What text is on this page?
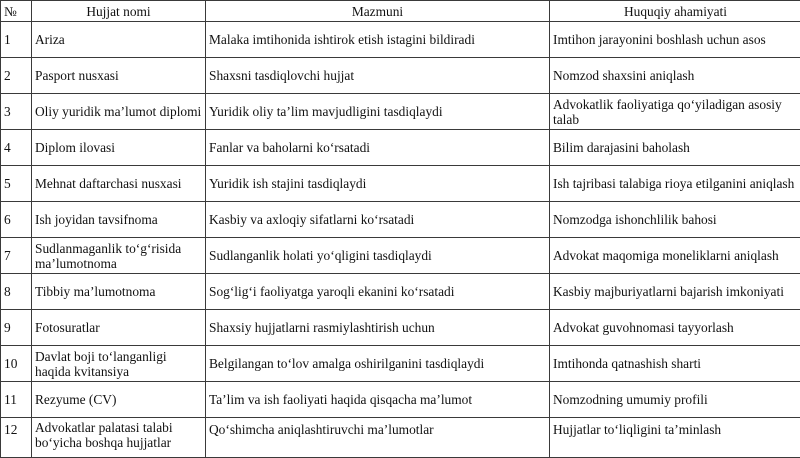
№	Hujjat nomi	Mazmuni	Huquqiy ahamiyati
1	Ariza	Malaka imtihonida ishtirok etish istagini bildiradi	Imtihon jarayonini boshlash uchun asos
2	Pasport nusxasi	Shaxsni tasdiqlovchi hujjat	Nomzod shaxsini aniqlash
3	Oliy yuridik ma’lumot diplomi	Yuridik oliy ta’lim mavjudligini tasdiqlaydi	Advokatlik faoliyatiga qo‘yiladigan asosiy talab
4	Diplom ilovasi	Fanlar va baholarni ko‘rsatadi	Bilim darajasini baholash
5	Mehnat daftarchasi nusxasi	Yuridik ish stajini tasdiqlaydi	Ish tajribasi talabiga rioya etilganini aniqlash
6	Ish joyidan tavsifnoma	Kasbiy va axloqiy sifatlarni ko‘rsatadi	Nomzodga ishonchlilik bahosi
7	Sudlanmaganlik to‘g‘risida ma’lumotnoma	Sudlanganlik holati yo‘qligini tasdiqlaydi	Advokat maqomiga moneliklarni aniqlash
8	Tibbiy ma’lumotnoma	Sog‘lig‘i faoliyatga yaroqli ekanini ko‘rsatadi	Kasbiy majburiyatlarni bajarish imkoniyati
9	Fotosuratlar	Shaxsiy hujjatlarni rasmiylashtirish uchun	Advokat guvohnomasi tayyorlash
10	Davlat boji to‘langanligi haqida kvitansiya	Belgilangan to‘lov amalga oshirilganini tasdiqlaydi	Imtihonda qatnashish sharti
11	Rezyume (CV)	Ta’lim va ish faoliyati haqida qisqacha ma’lumot	Nomzodning umumiy profili
12	Advokatlar palatasi talabi bo‘yicha boshqa hujjatlar	Qo‘shimcha aniqlashtiruvchi ma’lumotlar	Hujjatlar to‘liqligini ta’minlash
